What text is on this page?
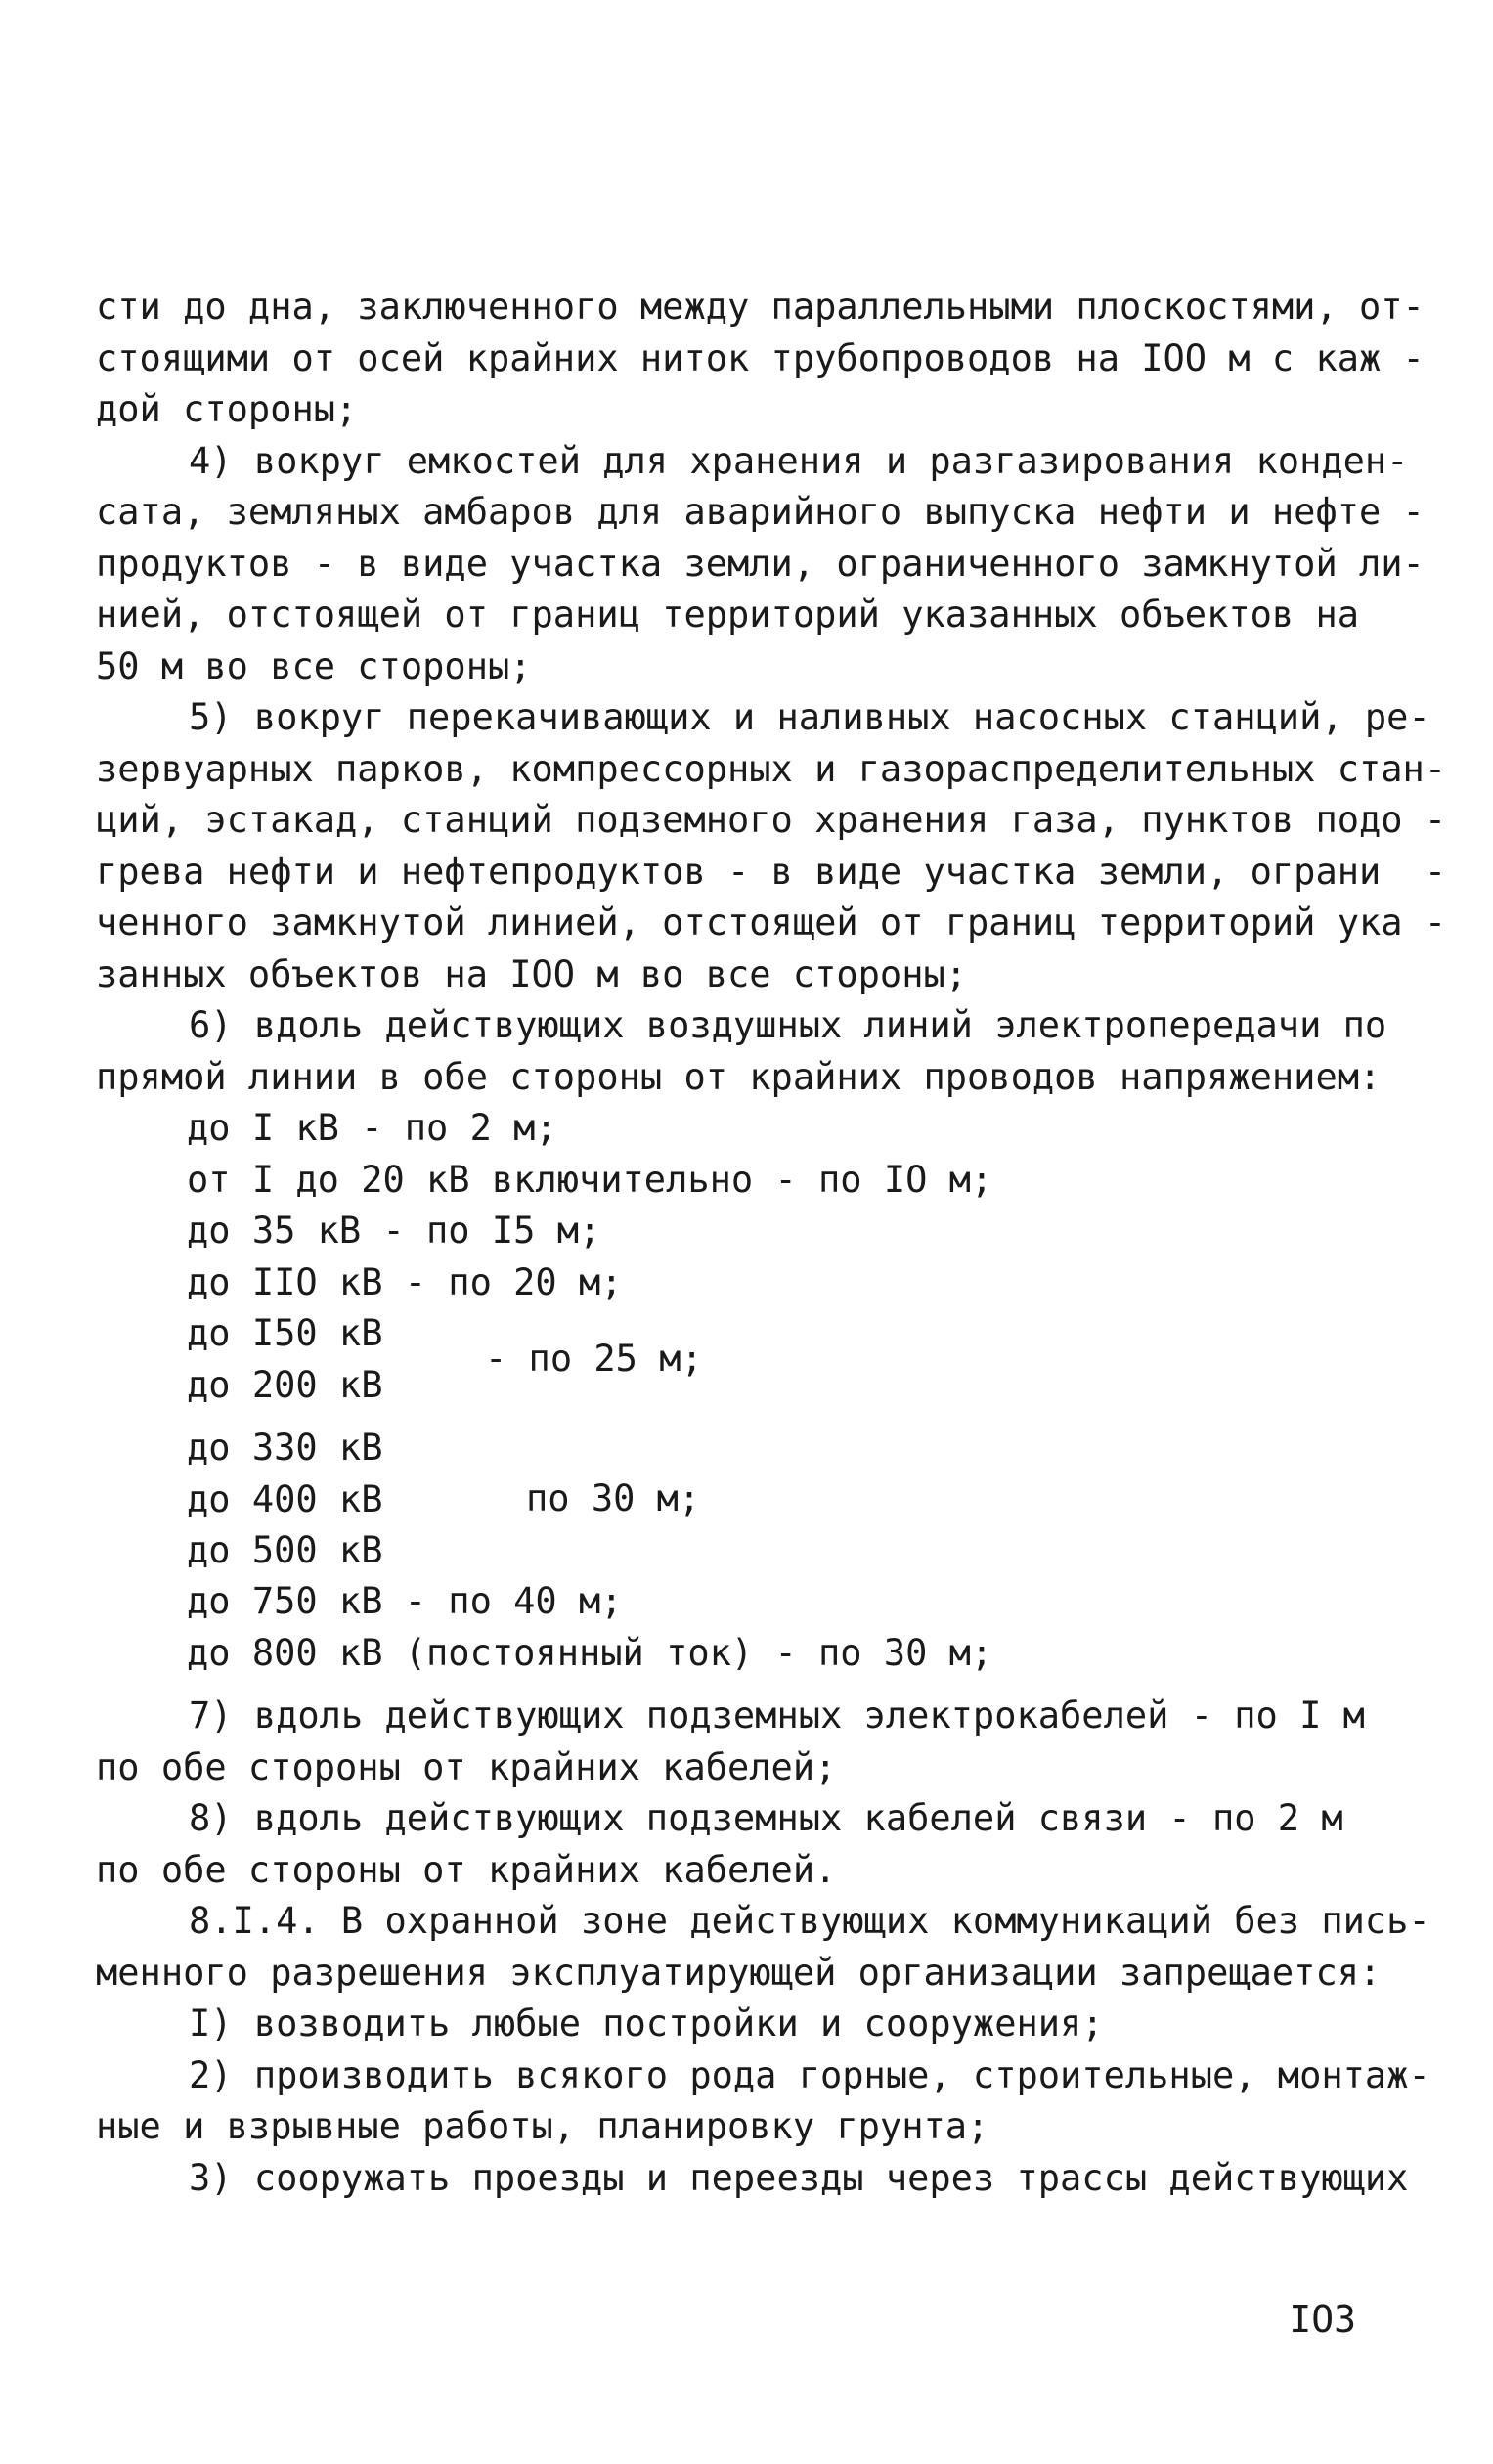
сти до дна, заключенного между параллельными плоскостями, от-
стоящими от осей крайних ниток трубопроводов на IOO м с каж -
дой стороны;
4) вокруг емкостей для хранения и разгазирования конден-
сата, земляных амбаров для аварийного выпуска нефти и нефте -
продуктов - в виде участка земли, ограниченного замкнутой ли-
нией, отстоящей от границ территорий указанных объектов на
50 м во все стороны;
5) вокруг перекачивающих и наливных насосных станций, ре-
зервуарных парков, компрессорных и газораспределительных стан-
ций, эстакад, станций подземного хранения газа, пунктов подо -
грева нефти и нефтепродуктов - в виде участка земли, ограни  -
ченного замкнутой линией, отстоящей от границ территорий ука -
занных объектов на IOO м во все стороны;
6) вдоль действующих воздушных линий электропередачи по
прямой линии в обе стороны от крайних проводов напряжением:
до I кВ - по 2 м;
от I до 20 кВ включительно - по IO м;
до 35 кВ - по I5 м;
до IIO кВ - по 20 м;
до I50 кВ
до 200 кВ
- по 25 м;
до 330 кВ
до 400 кВ
до 500 кВ
по 30 м;
до 750 кВ - по 40 м;
до 800 кВ (постоянный ток) - по 30 м;
7) вдоль действующих подземных электрокабелей - по I м
по обе стороны от крайних кабелей;
8) вдоль действующих подземных кабелей связи - по 2 м
по обе стороны от крайних кабелей.
8.I.4. В охранной зоне действующих коммуникаций без пись-
менного разрешения эксплуатирующей организации запрещается:
I) возводить любые постройки и сооружения;
2) производить всякого рода горные, строительные, монтаж-
ные и взрывные работы, планировку грунта;
3) сооружать проезды и переезды через трассы действующих
IO3
